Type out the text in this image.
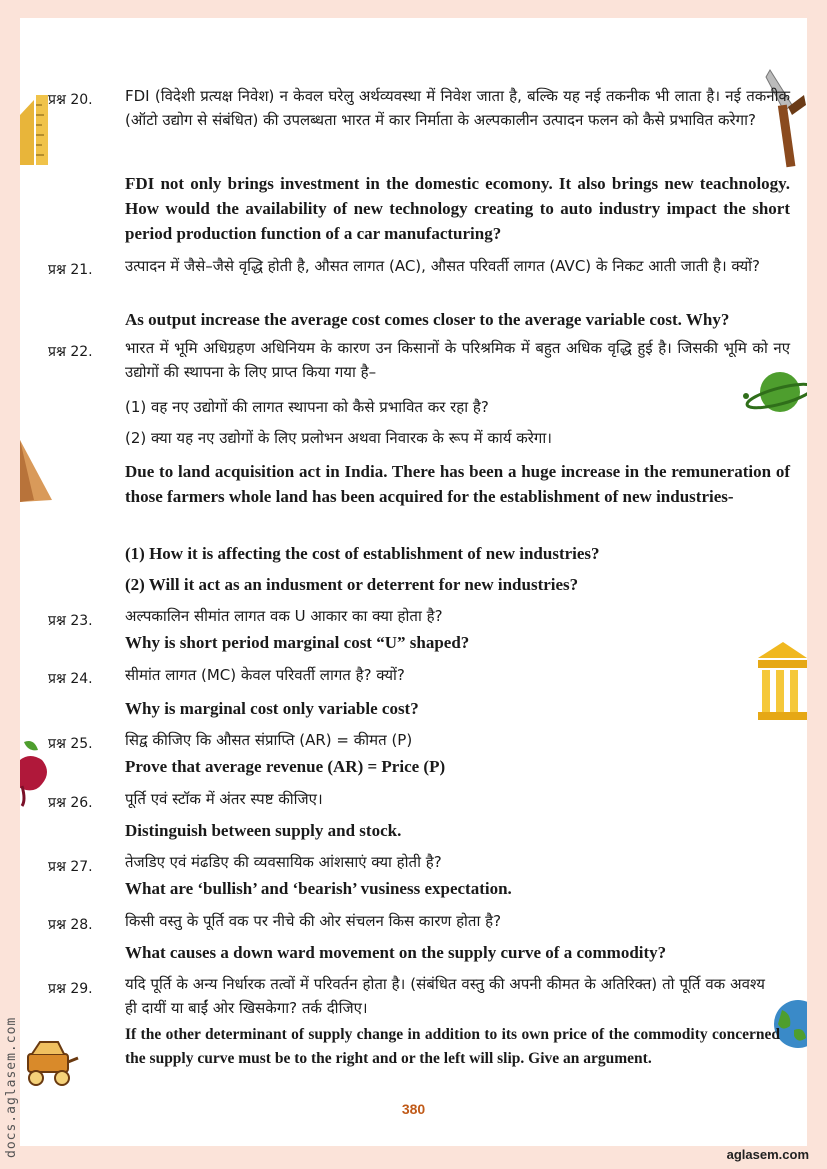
प्रश्न 20. FDI (विदेशी प्रत्यक्ष निवेश) न केवल घरेलु अर्थव्यवस्था में निवेश जाता है, बल्कि यह नई तकनीक भी लाता है। नई तकनीक (ऑटो उद्योग से संबंधित) की उपलब्धता भारत में कार निर्माता के अल्पकालीन उत्पादन फलन को कैसे प्रभावित करेगा?
FDI not only brings investment in the domestic ecomony. It also brings new teachnology. How would the availability of new technology creating to auto industry impact the short period production function of a car manufacturing?
प्रश्न 21. उत्पादन में जैसे–जैसे वृद्धि होती है, औसत लागत (AC), औसत परिवर्ती लागत (AVC) के निकट आती जाती है। क्यों?
As output increase the average cost comes closer to the average variable cost. Why?
प्रश्न 22. भारत में भूमि अधिग्रहण अधिनियम के कारण उन किसानों के परिश्रमिक में बहुत अधिक वृद्धि हुई है। जिसकी भूमि को नए उद्योगों की स्थापना के लिए प्राप्त किया गया है–
(1) वह नए उद्योगों की लागत स्थापना को कैसे प्रभावित कर रहा है?
(2) क्या यह नए उद्योगों के लिए प्रलोभन अथवा निवारक के रूप में कार्य करेगा।
Due to land acquisition act in India. There has been a huge increase in the remuneration of those farmers whole land has been acquired for the establishment of new industries-
(1) How it is affecting the cost of establishment of new industries?
(2) Will it act as an indusment or deterrent for new industries?
प्रश्न 23. अल्पकालिन सीमांत लागत वक U आकार का क्या होता है?
Why is short period marginal cost “U” shaped?
प्रश्न 24. सीमांत लागत (MC) केवल परिवर्ती लागत है? क्यों?
Why is marginal cost only variable cost?
प्रश्न 25. सिद्व कीजिए कि औसत संप्राप्ति (AR) = कीमत (P)
Prove that average revenue (AR) = Price (P)
प्रश्न 26. पूर्ति एवं स्टॉक में अंतर स्पष्ट कीजिए।
Distinguish between supply and stock.
प्रश्न 27. तेजडिए एवं मंढडिए की व्यवसायिक आंशसाएं क्या होती है?
What are ‘bullish’ and ‘bearish’ vusiness expectation.
प्रश्न 28. किसी वस्तु के पूर्ति वक पर नीचे की ओर संचलन किस कारण होता है?
What causes a down ward movement on the supply curve of a commodity?
प्रश्न 29. यदि पूर्ति के अन्य निर्धारक तत्वों में परिवर्तन होता है। (संबंधित वस्तु की अपनी कीमत के अतिरिक्त) तो पूर्ति वक अवश्य ही दायीं या बाईं ओर खिसकेगा? तर्क दीजिए।
If the other determinant of supply change in addition to its own price of the commodity concerned the supply curve must be to the right and or the left will slip. Give an argument.
380
aglasem.com
docs.aglasem.com
